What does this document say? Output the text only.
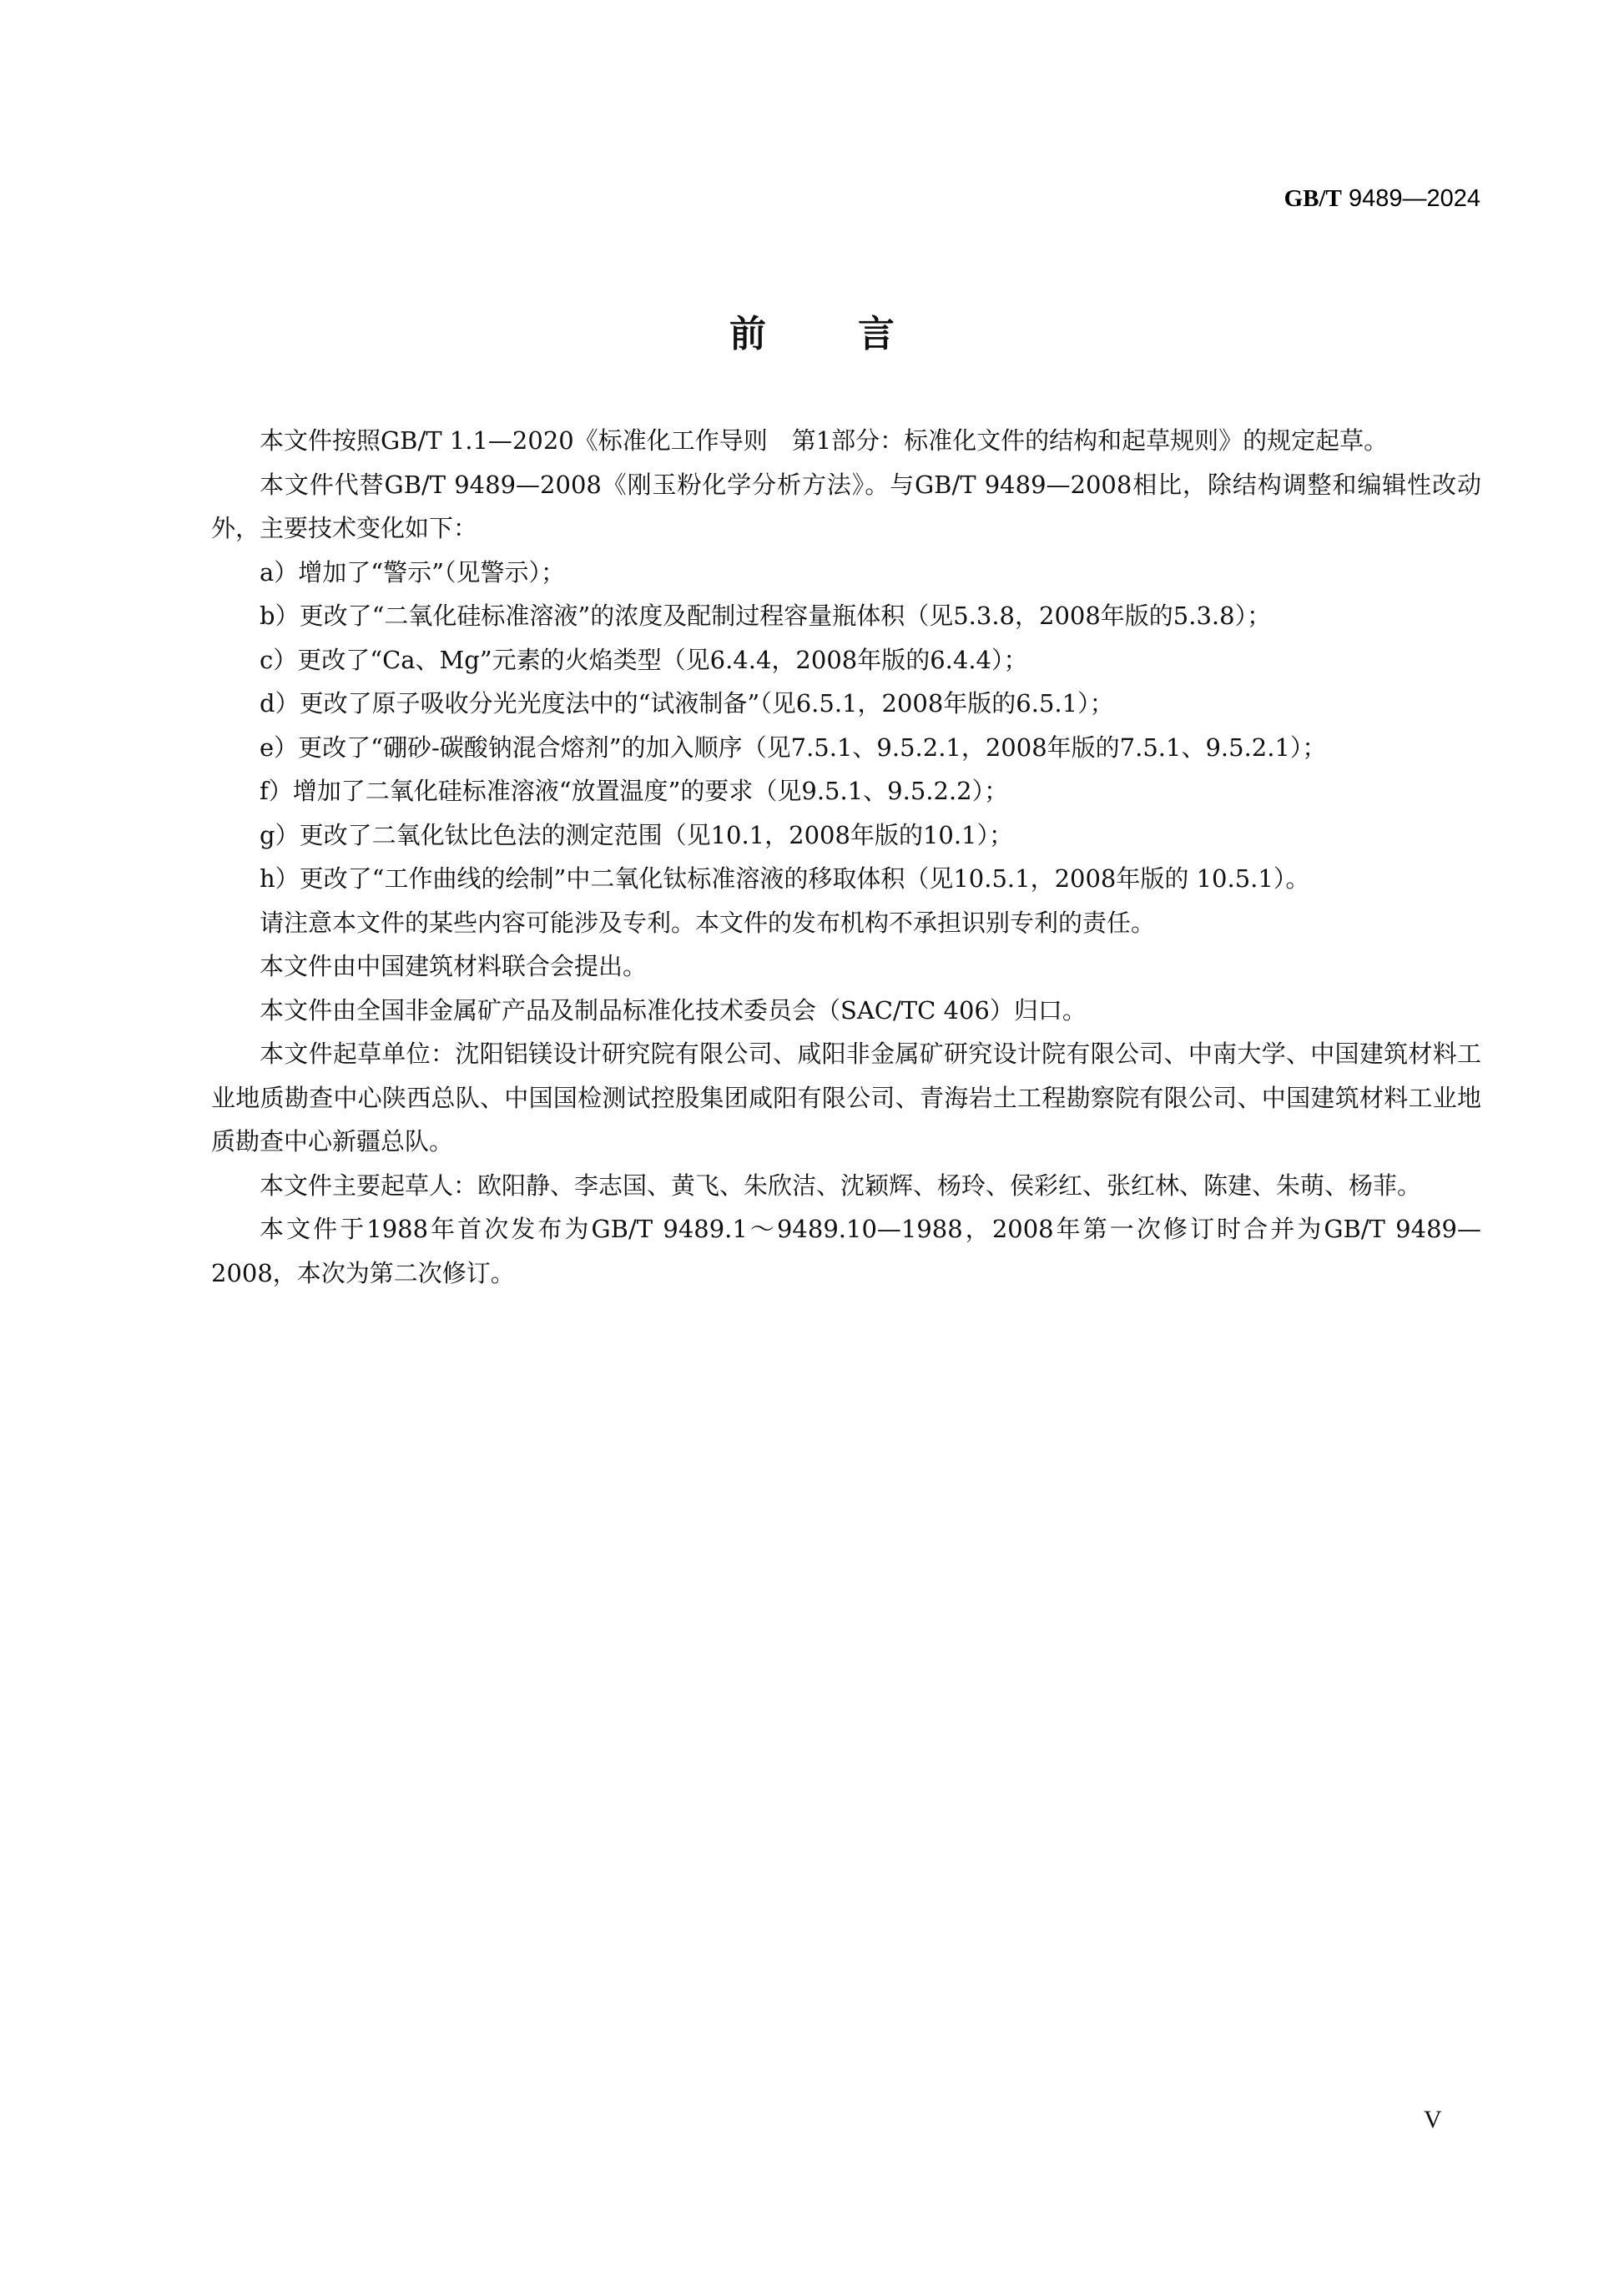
GB/T 9489—2024
前言

本文件按照GB/T 1.1—2020《标准化工作导则　第1部分：标准化文件的结构和起草规则》的规定起草。

本文件代替GB/T 9489—2008《刚玉粉化学分析方法》。与GB/T 9489—2008相比，除结构调整和编辑性改动外，主要技术变化如下：

a）增加了“警示”（见警示）；

b）更改了“二氧化硅标准溶液”的浓度及配制过程容量瓶体积（见5.3.8，2008年版的5.3.8）；

c）更改了“Ca、Mg”元素的火焰类型（见6.4.4，2008年版的6.4.4）；

d）更改了原子吸收分光光度法中的“试液制备”（见6.5.1，2008年版的6.5.1）；

e）更改了“硼砂-碳酸钠混合熔剂”的加入顺序（见7.5.1、9.5.2.1，2008年版的7.5.1、9.5.2.1）；

f）增加了二氧化硅标准溶液“放置温度”的要求（见9.5.1、9.5.2.2）；

g）更改了二氧化钛比色法的测定范围（见10.1，2008年版的10.1）；

h）更改了“工作曲线的绘制”中二氧化钛标准溶液的移取体积（见10.5.1，2008年版的 10.5.1）。

请注意本文件的某些内容可能涉及专利。本文件的发布机构不承担识别专利的责任。

本文件由中国建筑材料联合会提出。

本文件由全国非金属矿产品及制品标准化技术委员会（SAC/TC 406）归口。

本文件起草单位：沈阳铝镁设计研究院有限公司、咸阳非金属矿研究设计院有限公司、中南大学、中国建筑材料工业地质勘查中心陕西总队、中国国检测试控股集团咸阳有限公司、青海岩土工程勘察院有限公司、中国建筑材料工业地质勘查中心新疆总队。

本文件主要起草人：欧阳静、李志国、黄飞、朱欣洁、沈颖辉、杨玲、侯彩红、张红林、陈建、朱萌、杨菲。

本文件于1988年首次发布为GB/T 9489.1～9489.10—1988，2008年第一次修订时合并为GB/T 9489—2008，本次为第二次修订。

V
